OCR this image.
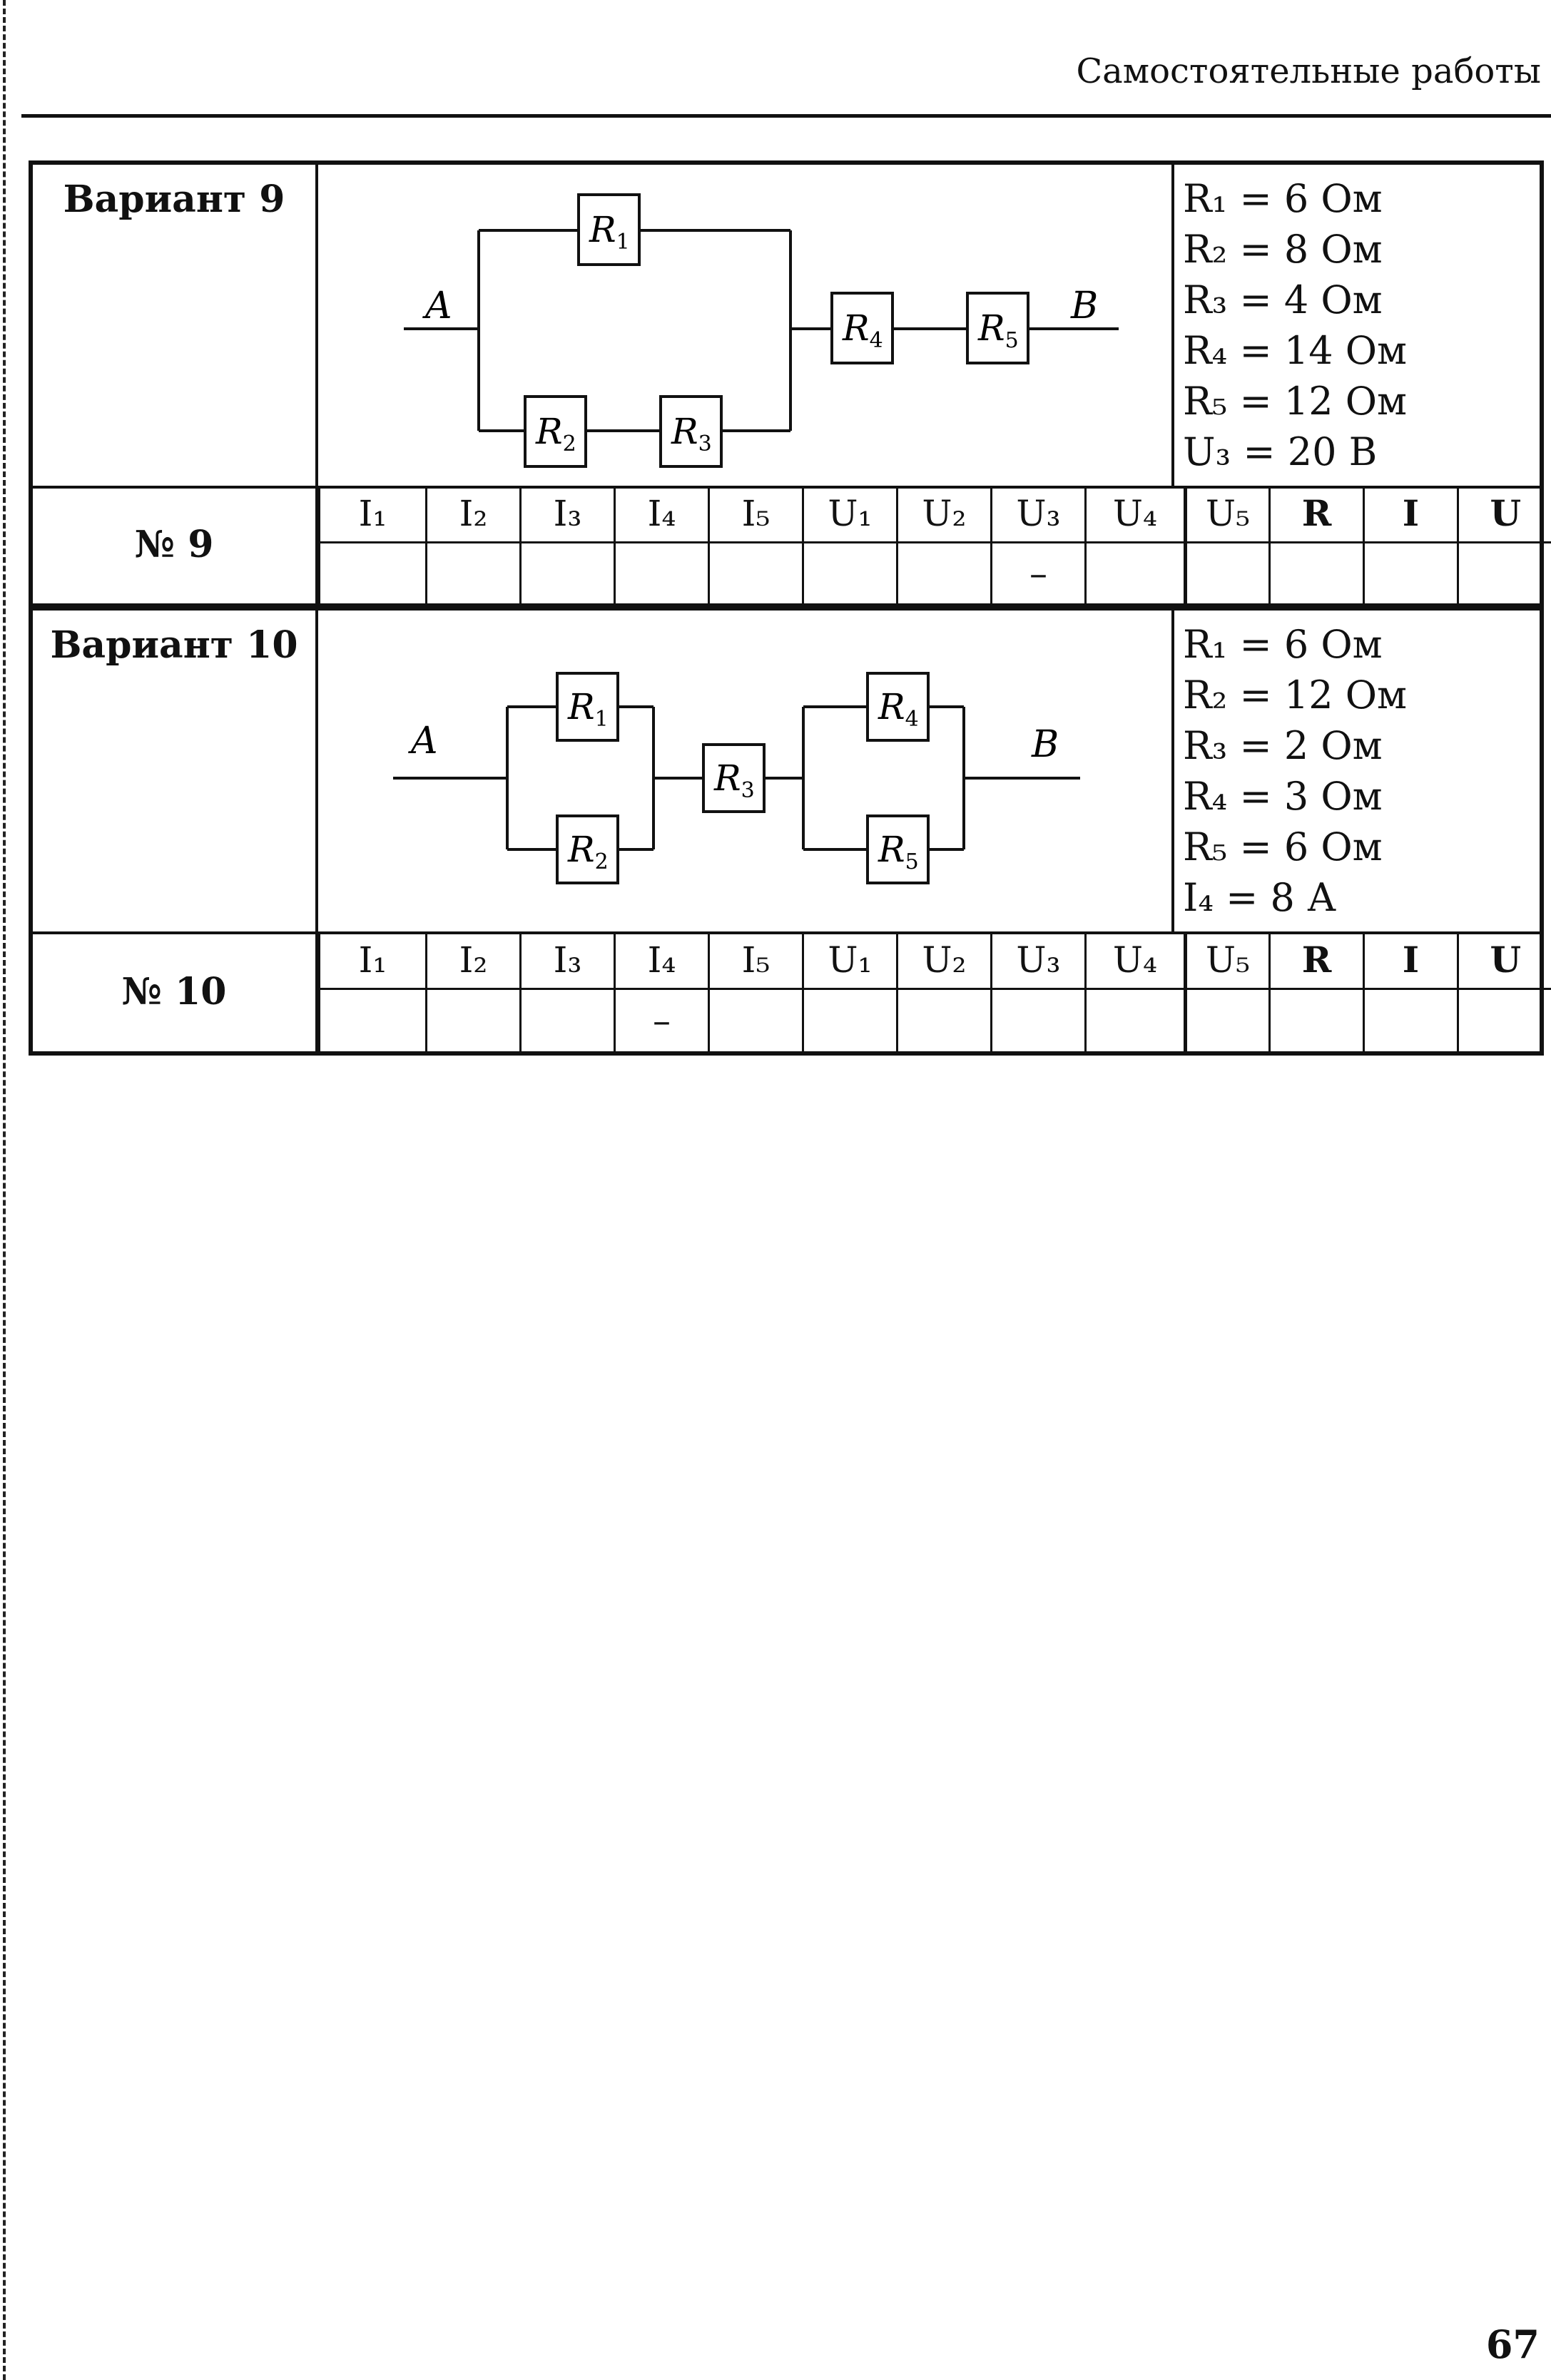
Самостоятельные работы
Вариант 9
A	B
$R_1$
$R_2$	$R_3$
$R_4$	$R_5$
R₁ = 6 Ом
R₂ = 8 Ом
R₃ = 4 Ом
R₄ = 14 Ом
R₅ = 12 Ом
U₃ = 20 В
№ 9
I₁	I₂	I₃	I₄	I₅	U₁	U₂	U₃	U₄	U₅	R	I	U
							–					
Вариант 10
A	B
$R_1$
$R_2$
$R_3$
$R_4$
$R_5$
R₁ = 6 Ом
R₂ = 12 Ом
R₃ = 2 Ом
R₄ = 3 Ом
R₅ = 6 Ом
I₄ = 8 А
№ 10
I₁	I₂	I₃	I₄	I₅	U₁	U₂	U₃	U₄	U₅	R	I	U
			–									
67
